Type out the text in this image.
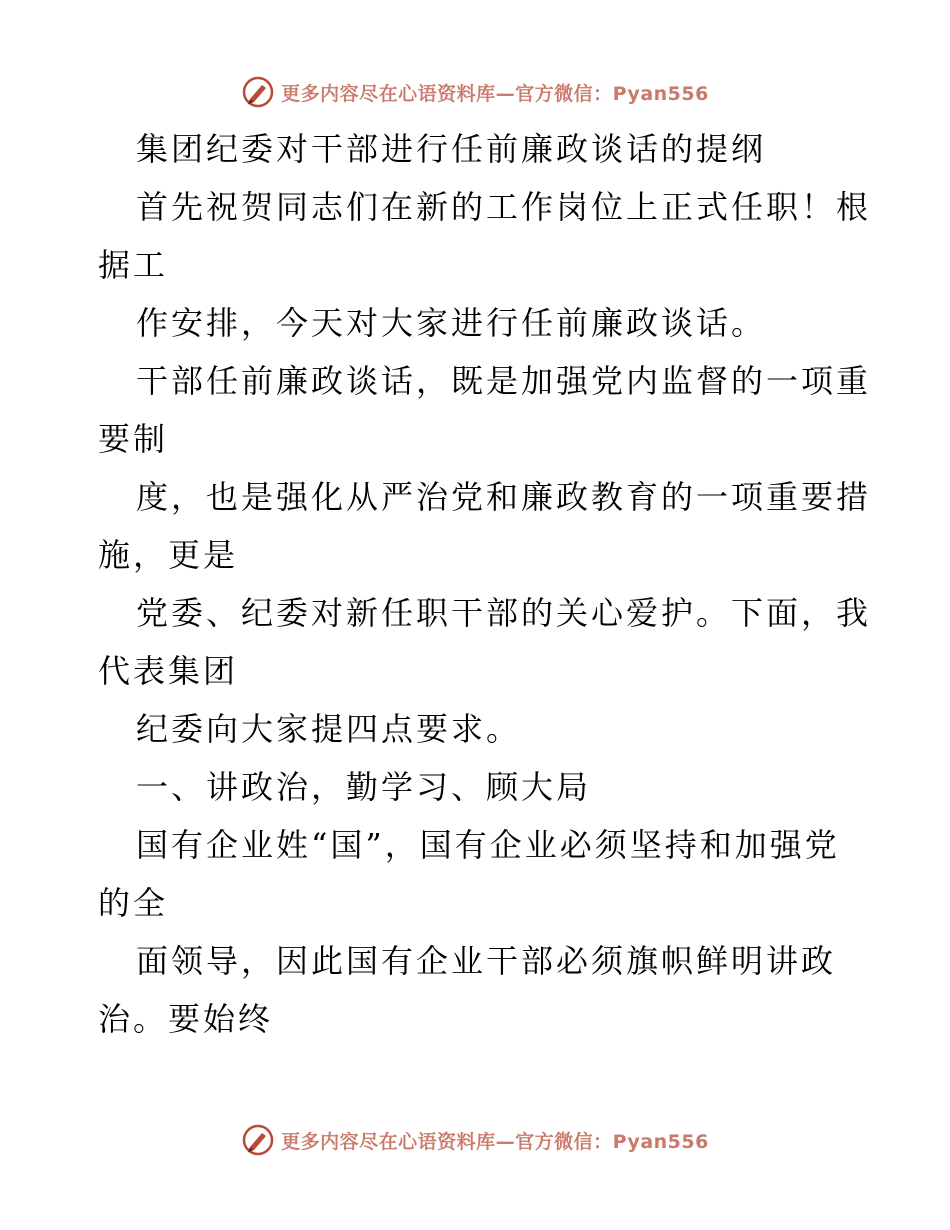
更多内容尽在心语资料库—官方微信：Pyan556
集团纪委对干部进行任前廉政谈话的提纲
首先祝贺同志们在新的工作岗位上正式任职！根
据工
作安排，今天对大家进行任前廉政谈话。
干部任前廉政谈话，既是加强党内监督的一项重
要制
度，也是强化从严治党和廉政教育的一项重要措
施，更是
党委、纪委对新任职干部的关心爱护。下面，我
代表集团
纪委向大家提四点要求。
一、讲政治，勤学习、顾大局
国有企业姓“国”，国有企业必须坚持和加强党
的全
面领导，因此国有企业干部必须旗帜鲜明讲政
治。要始终
更多内容尽在心语资料库—官方微信：Pyan556
